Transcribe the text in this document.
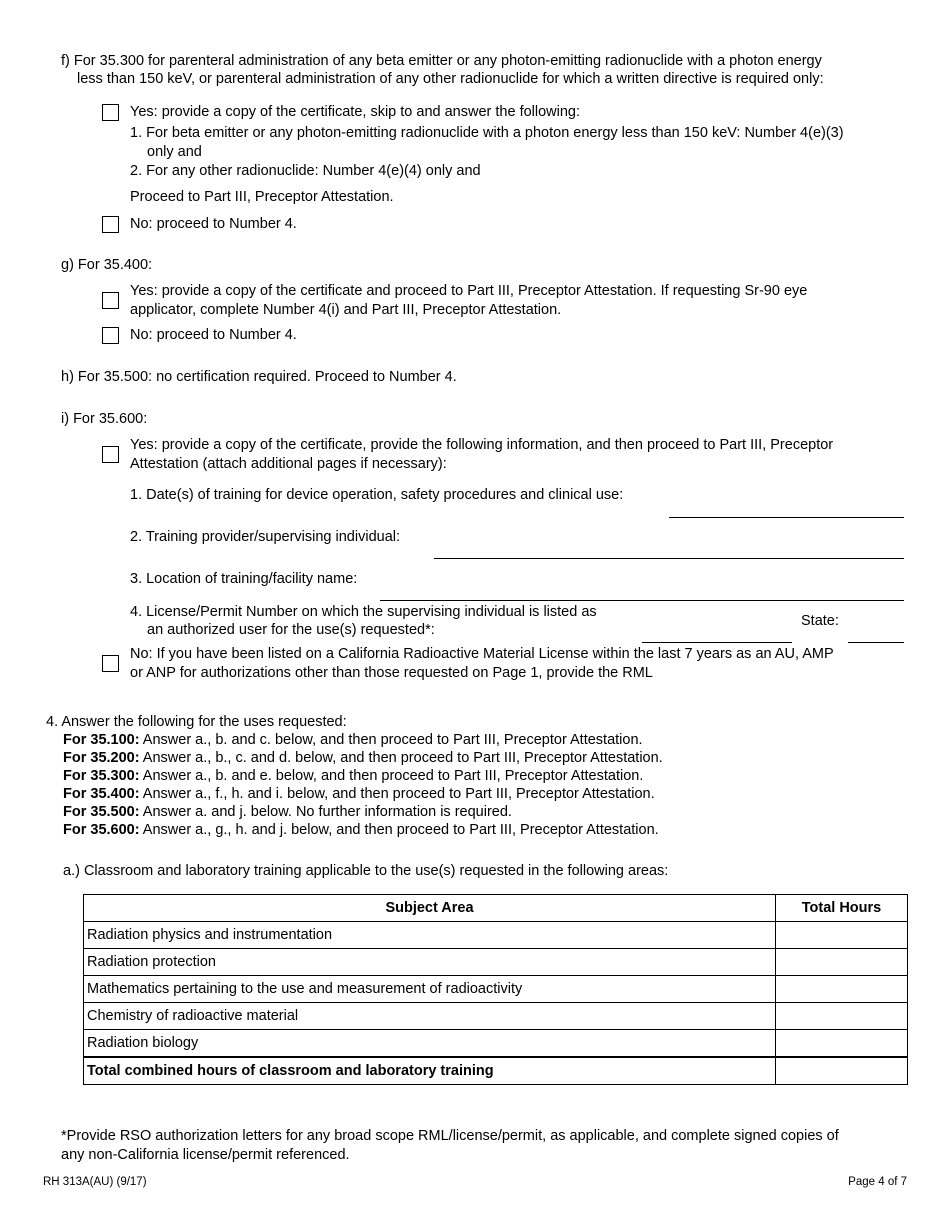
f) For 35.300 for parenteral administration of any beta emitter or any photon-emitting radionuclide with a photon energy
less than 150 keV, or parenteral administration of any other radionuclide for which a written directive is required only:
Yes: provide a copy of the certificate, skip to and answer the following:
1. For beta emitter or any photon-emitting radionuclide with a photon energy less than 150 keV: Number 4(e)(3)
only and
2. For any other radionuclide: Number 4(e)(4) only and
Proceed to Part III, Preceptor Attestation.
No: proceed to Number 4.
g) For 35.400:
Yes: provide a copy of the certificate and proceed to Part III, Preceptor Attestation. If requesting Sr-90 eye
applicator, complete Number 4(i) and Part III, Preceptor Attestation.
No: proceed to Number 4.
h) For 35.500: no certification required. Proceed to Number 4.
i) For 35.600:
Yes: provide a copy of the certificate, provide the following information, and then proceed to Part III, Preceptor
Attestation (attach additional pages if necessary):
1. Date(s) of training for device operation, safety procedures and clinical use:
2. Training provider/supervising individual:
3. Location of training/facility name:
4. License/Permit Number on which the supervising individual is listed as
an authorized user for the use(s) requested*:
State:
No: If you have been listed on a California Radioactive Material License within the last 7 years as an AU, AMP
or ANP for authorizations other than those requested on Page 1, provide the RML
4. Answer the following for the uses requested:
For 35.100: Answer a., b. and c. below, and then proceed to Part III, Preceptor Attestation.
For 35.200: Answer a., b., c. and d. below, and then proceed to Part III, Preceptor Attestation.
For 35.300: Answer a., b. and e. below, and then proceed to Part III, Preceptor Attestation.
For 35.400: Answer a., f., h. and i. below, and then proceed to Part III, Preceptor Attestation.
For 35.500: Answer a. and j. below. No further information is required.
For 35.600: Answer a., g., h. and j. below, and then proceed to Part III, Preceptor Attestation.
a.) Classroom and laboratory training applicable to the use(s) requested in the following areas:
Subject Area	Total Hours
Radiation physics and instrumentation	
Radiation protection	
Mathematics pertaining to the use and measurement of radioactivity	
Chemistry of radioactive material	
Radiation biology	
Total combined hours of classroom and laboratory training	
*Provide RSO authorization letters for any broad scope RML/license/permit, as applicable, and complete signed copies of
any non-California license/permit referenced.
RH 313A(AU) (9/17)	Page 4 of 7
